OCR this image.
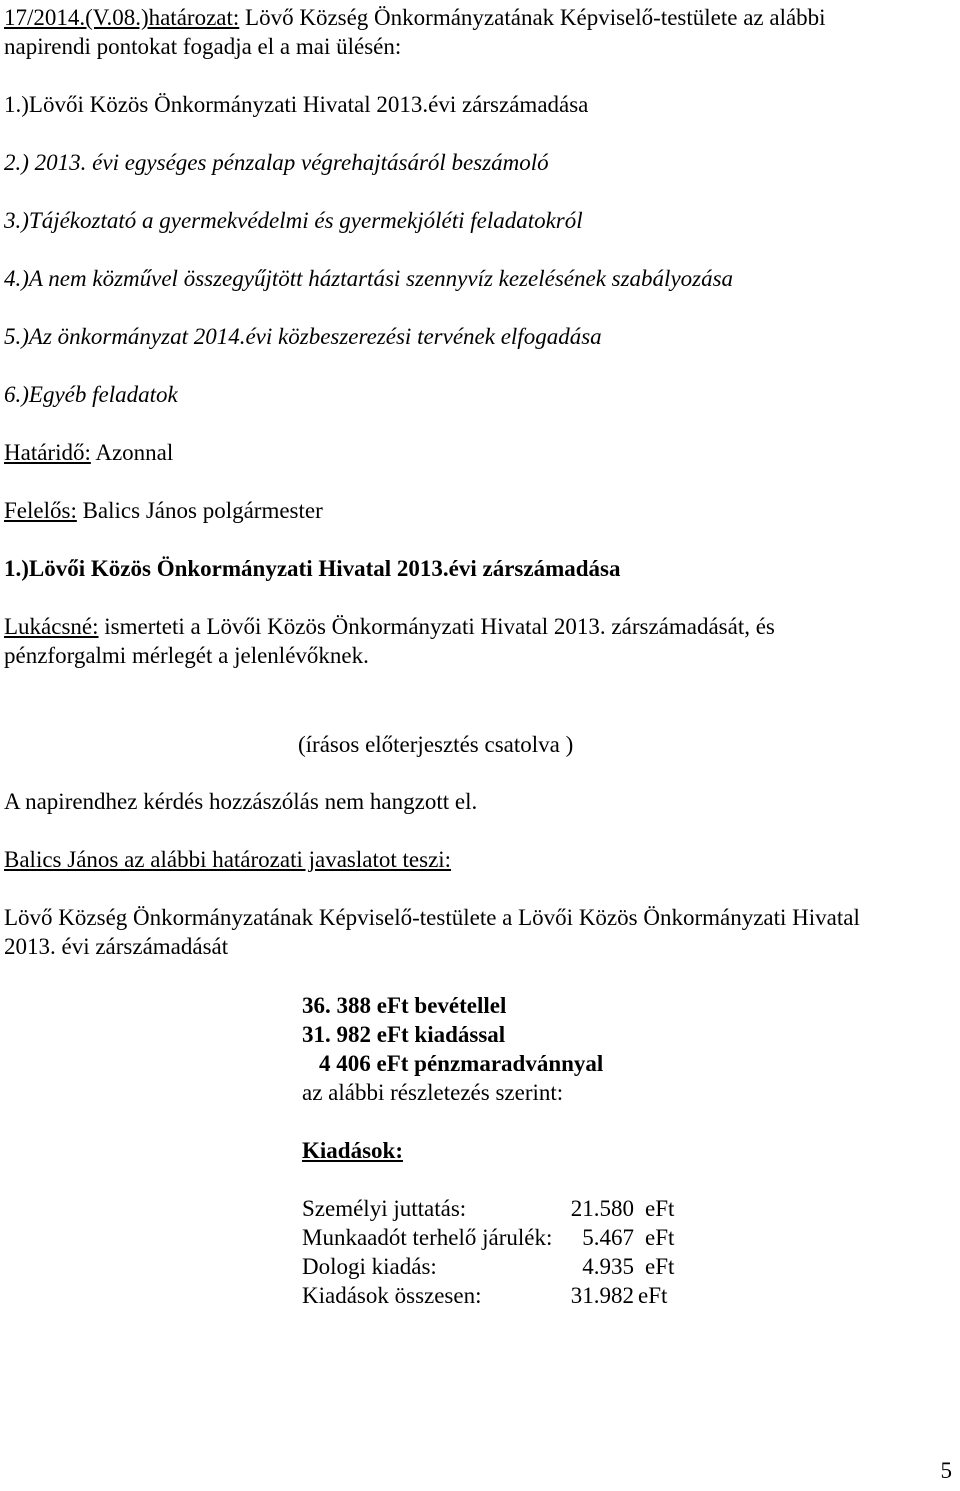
17/2014.(V.08.)határozat: Lövő Község Önkormányzatának Képviselő-testülete az alábbi
napirendi pontokat fogadja el a mai ülésén:
1.)Lövői Közös Önkormányzati Hivatal 2013.évi zárszámadása
2.) 2013. évi egységes pénzalap végrehajtásáról beszámoló
3.)Tájékoztató a gyermekvédelmi és gyermekjóléti feladatokról
4.)A nem közművel összegyűjtött háztartási szennyvíz kezelésének szabályozása
5.)Az önkormányzat 2014.évi közbeszerezési tervének elfogadása
6.)Egyéb feladatok
Határidő: Azonnal
Felelős: Balics János polgármester
1.)Lövői Közös Önkormányzati Hivatal 2013.évi zárszámadása
Lukácsné: ismerteti a Lövői Közös Önkormányzati Hivatal 2013. zárszámadását, és
pénzforgalmi mérlegét a jelenlévőknek.
(írásos előterjesztés csatolva )
A napirendhez kérdés hozzászólás nem hangzott el.
Balics János az alábbi határozati javaslatot teszi:
Lövő Község Önkormányzatának Képviselő-testülete a Lövői Közös Önkormányzati Hivatal
2013. évi zárszámadását
36. 388 eFt bevétellel
31. 982 eFt kiadással
4 406 eFt pénzmaradvánnyal
az alábbi részletezés szerint:
Kiadások:
Személyi juttatás:	21.580 eFt
Munkaadót terhelő járulék:	5.467 eFt
Dologi kiadás:	4.935 eFt
Kiadások összesen:	31.982 eFt
5
